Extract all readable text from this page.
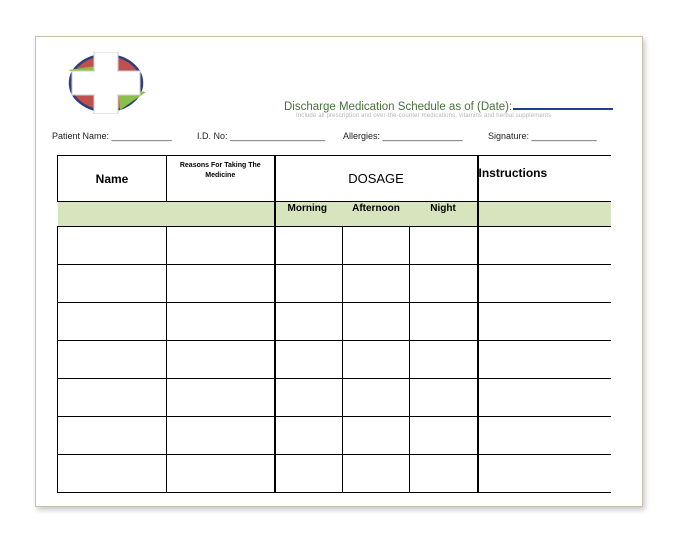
Discharge Medication Schedule as of (Date):
Include all prescription and over-the-counter medications, vitamins and herbal supplements
Patient Name: ____________	I.D. No: ___________________ Allergies: ________________	Signature: _____________
Name	Reasons For Taking The Medicine	DOSAGE			Instructions
		Morning	Afternoon	Night	
